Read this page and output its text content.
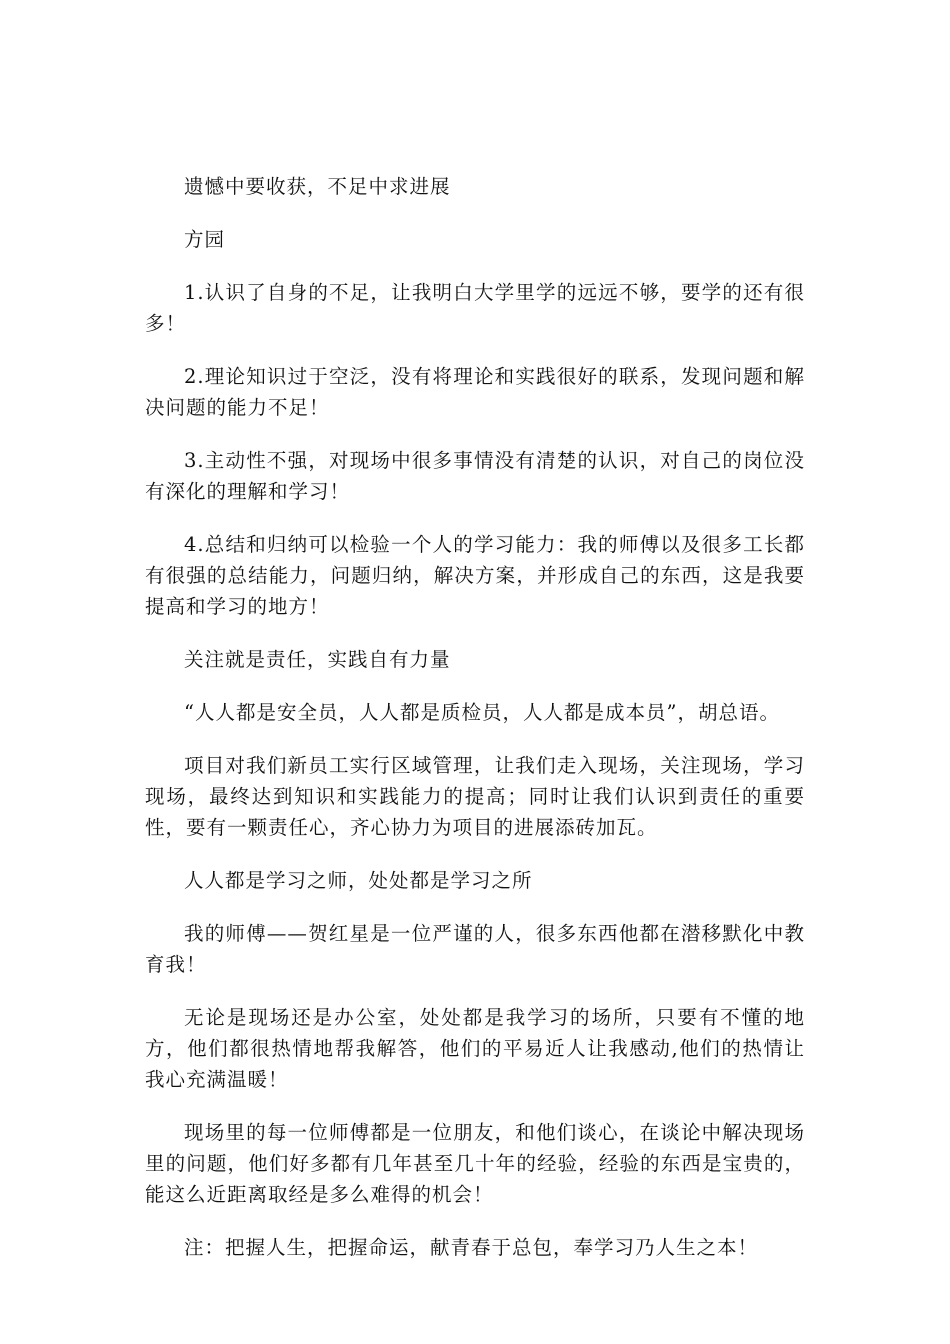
遗憾中要收获，不足中求进展

方园

1.认识了自身的不足，让我明白大学里学的远远不够，要学的还有很多！

2.理论知识过于空泛，没有将理论和实践很好的联系，发现问题和解决问题的能力不足！

3.主动性不强，对现场中很多事情没有清楚的认识，对自己的岗位没有深化的理解和学习！

4.总结和归纳可以检验一个人的学习能力：我的师傅以及很多工长都有很强的总结能力，问题归纳，解决方案，并形成自己的东西，这是我要提高和学习的地方！

关注就是责任，实践自有力量

“人人都是安全员，人人都是质检员，人人都是成本员”，胡总语。

项目对我们新员工实行区域管理，让我们走入现场，关注现场，学习现场，最终达到知识和实践能力的提高；同时让我们认识到责任的重要性，要有一颗责任心，齐心协力为项目的进展添砖加瓦。

人人都是学习之师，处处都是学习之所

我的师傅——贺红星是一位严谨的人，很多东西他都在潜移默化中教育我！

无论是现场还是办公室，处处都是我学习的场所，只要有不懂的地方，他们都很热情地帮我解答，他们的平易近人让我感动,他们的热情让我心充满温暖！

现场里的每一位师傅都是一位朋友，和他们谈心，在谈论中解决现场里的问题，他们好多都有几年甚至几十年的经验，经验的东西是宝贵的，能这么近距离取经是多么难得的机会！

注：把握人生，把握命运，献青春于总包，奉学习乃人生之本！
